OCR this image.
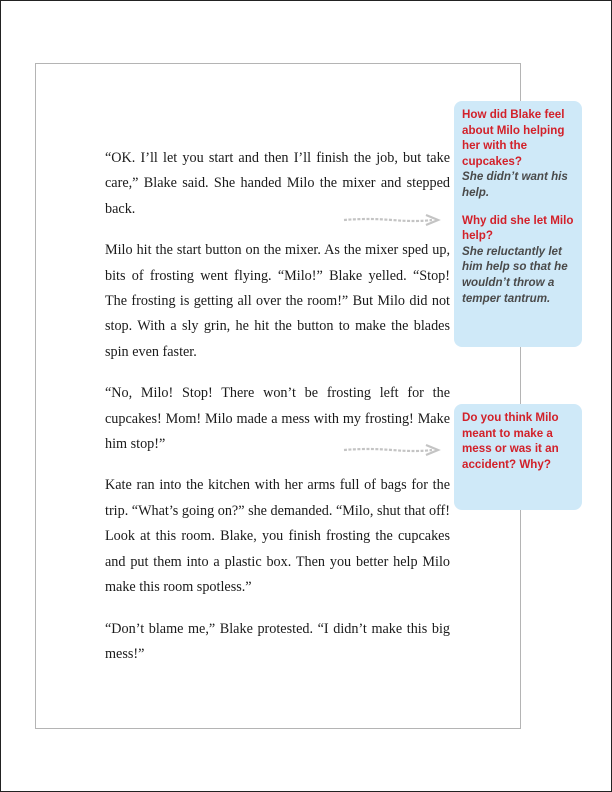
“OK. I’ll let you start and then I’ll finish the job, but take care,” Blake said. She handed Milo the mixer and stepped back.

Milo hit the start button on the mixer. As the mixer sped up, bits of frosting went flying. “Milo!” Blake yelled. “Stop! The frosting is getting all over the room!” But Milo did not stop. With a sly grin, he hit the button to make the blades spin even faster.

“No, Milo! Stop! There won’t be frosting left for the cupcakes! Mom! Milo made a mess with my frosting! Make him stop!”

Kate ran into the kitchen with her arms full of bags for the trip. “What’s going on?” she demanded. “Milo, shut that off! Look at this room. Blake, you finish frosting the cupcakes and put them into a plastic box. Then you better help Milo make this room spotless.”

“Don’t blame me,” Blake protested. “I didn’t make this big mess!”

How did Blake feel about Milo helping her with the cupcakes?

She didn’t want his help.

Why did she let Milo help?

She reluctantly let him help so that he wouldn’t throw a temper tantrum.

Do you think Milo meant to make a mess or was it an accident? Why?
